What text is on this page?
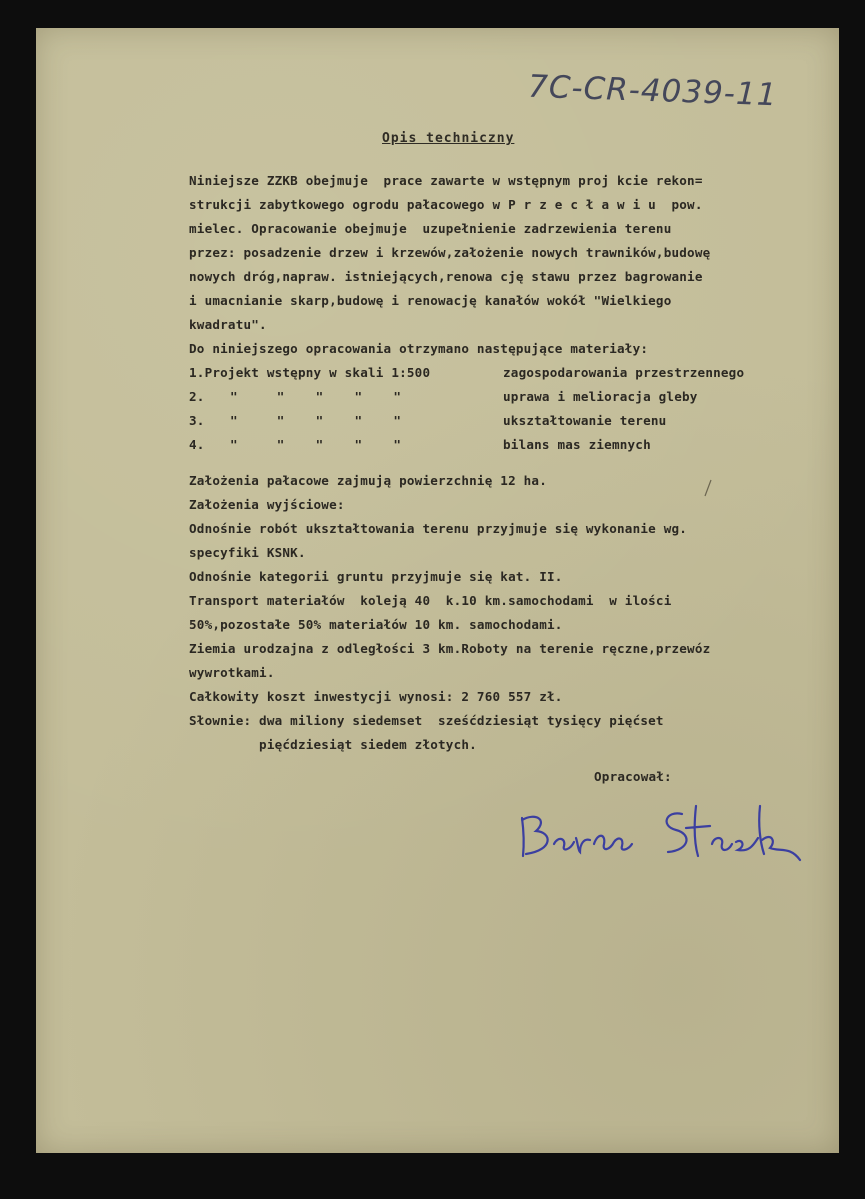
7C-CR-4039-11
Opis techniczny
Niniejsze ZZKB obejmuje  prace zawarte w wstępnym proj kcie rekon=
strukcji zabytkowego ogrodu pałacowego w P r z e c ł a w i u  pow.
mielec. Opracowanie obejmuje  uzupełnienie zadrzewienia terenu
przez: posadzenie drzew i krzewów,założenie nowych trawników,budowę
nowych dróg,napraw. istniejących,renowa cję stawu przez bagrowanie
i umacnianie skarp,budowę i renowację kanałów wokół "Wielkiego
kwadratu".
Do niniejszego opracowania otrzymano następujące materiały:
1.Projekt wstępny w skali 1:500	zagospodarowania przestrzennego
2. "     "    "    "    "	uprawa i melioracja gleby
3. "     "    "    "    "	ukształtowanie terenu
4. "     "    "    "    "	bilans mas ziemnych
Założenia pałacowe zajmują powierzchnię 12 ha.
Założenia wyjściowe:
Odnośnie robót ukształtowania terenu przyjmuje się wykonanie wg.
specyfiki KSNK.
Odnośnie kategorii gruntu przyjmuje się kat. II.
Transport materiałów  koleją 40  k.10 km.samochodami  w ilości
50%,pozostałe 50% materiałów 10 km. samochodami.
Ziemia urodzajna z odległości 3 km.Roboty na terenie ręczne,przewóz
wywrotkami.
Całkowity koszt inwestycji wynosi: 2 760 557 zł.
Słownie: dwa miliony siedemset  sześćdziesiąt tysięcy pięćset
pięćdziesiąt siedem złotych.
Opracował:
